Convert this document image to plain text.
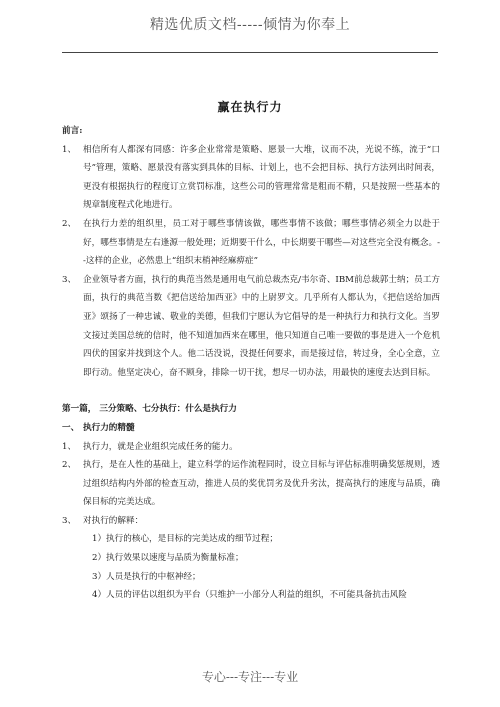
精选优质文档-----倾情为你奉上
赢在执行力
前言:
1、 相信所有人都深有同感：许多企业常常是策略、愿景一大堆，议而不决，光说不练，流于“口号”管理，策略、愿景没有落实到具体的目标、计划上，也不会把目标、执行方法列出时间表，更没有根据执行的程度订立赏罚标准，这些公司的管理常常是粗而不精，只是按照一些基本的规章制度程式化地进行。
2、 在执行力差的组织里，员工对于哪些事情该做，哪些事情不该做；哪些事情必须全力以赴于好，哪些事情是左右逢源一般处理；近期要干什么，中长期要干哪些—对这些完全没有概念。--这样的企业，必然患上“组织末梢神经麻痹症”
3、 企业领导者方面，执行的典范当然是通用电气前总裁杰克/韦尔奇、IBM前总裁郭士纳；员工方面，执行的典范当数《把信送给加西亚》中的上尉罗文。几乎所有人都认为，《把信送给加西亚》颂扬了一种忠诚、敬业的美德，但我们宁愿认为它倡导的是一种执行力和执行文化。当罗文接过美国总统的信时，他不知道加西来在哪里，他只知道自己唯一要做的事是进入一个危机四伏的国家并找到这个人。他二话没说，没提任何要求，而是接过信，转过身，全心全意，立即行动。他坚定决心，奋不顾身，排除一切干扰，想尽一切办法，用最快的速度去达到目标。
第一篇， 三分策略、七分执行：什么是执行力
一、 执行力的精髓
1、 执行力，就是企业组织完成任务的能力。
2、 执行，是在人性的基础上，建立科学的运作流程同时，设立目标与评估标准明确奖惩规则，透过组织结构内外部的检查互动，推进人员的奖优罚劣及优升劣汰，提高执行的速度与品质，确保目标的完美达成。
3、 对执行的解释：
1）执行的核心，是目标的完美达成的细节过程；
2）执行效果以速度与品质为衡量标准；
3）人员是执行的中枢神经；
4）人员的评估以组织为平台（只维护一小部分人利益的组织，不可能具备抗击风险
专心---专注---专业
